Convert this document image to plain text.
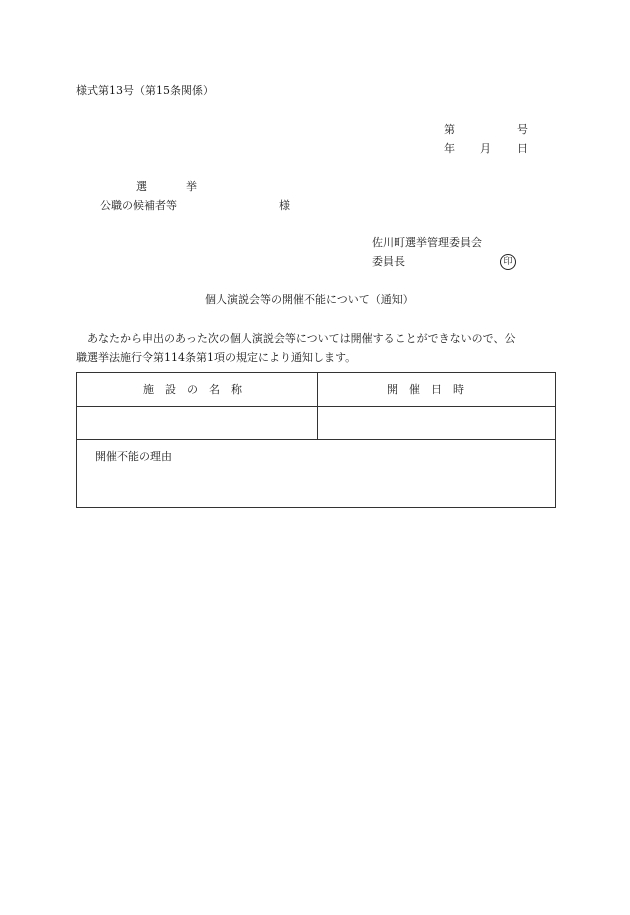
様式第13号（第15条関係）
第	号
年 月 日
選	挙
公職の候補者等	様
佐川町選挙管理委員会
委員長	印
個人演説会等の開催不能について（通知）

あなたから申出のあった次の個人演説会等については開催することができないので、公

職選挙法施行令第114条第1項の規定により通知します。
施　設　の　名　称	開　催　日　時
開催不能の理由
